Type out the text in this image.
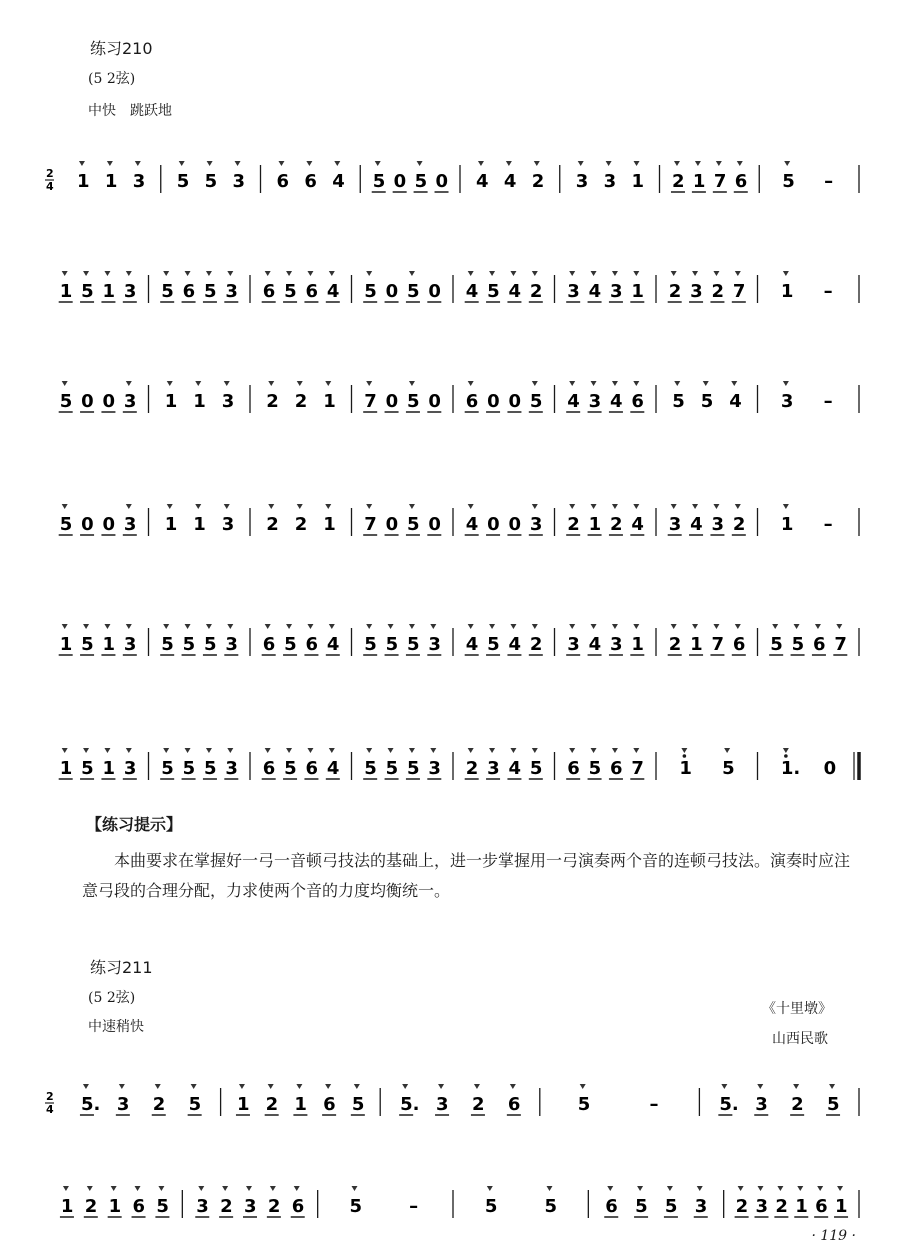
练习210
(5 2弦)
中快　跳跃地
2
4 1 1 3 5 5 3 6 6 4 5 0 5 0 4 4 2 3 3 1 2 1 7 6 5 –
1 5 1 3 5 6 5 3 6 5 6 4 5 0 5 0 4 5 4 2 3 4 3 1 2 3 2 7 1 –
5 0 0 3 1 1 3 2 2 1 7 0 5 0 6 0 0 5 4 3 4 6 5 5 4 3 –
5 0 0 3 1 1 3 2 2 1 7 0 5 0 4 0 0 3 2 1 2 4 3 4 3 2 1 –
1 5 1 3 5 5 5 3 6 5 6 4 5 5 5 3 4 5 4 2 3 4 3 1 2 1 7 6 5 5 6 7
1 5 1 3 5 5 5 3 6 5 6 4 5 5 5 3 2 3 4 5 6 5 6 7 1 5	1. 0
【练习提示】
本曲要求在掌握好一弓一音顿弓技法的基础上，进一步掌握用一弓演奏两个音的连顿弓技法。演奏时应注意弓段的合理分配，力求使两个音的力度均衡统一。
练习211
(5 2弦)
中速稍快
《十里墩》
山西民歌
2
4 5. 3 2 5 1 2 1 6 5 5. 3 2 6	5	–	5. 3 2 5
1 2 1 6 5 3 2 3 2 6	5	–	5	5	6 5 5 3 2 3 2 1 6 1
· 119 ·
